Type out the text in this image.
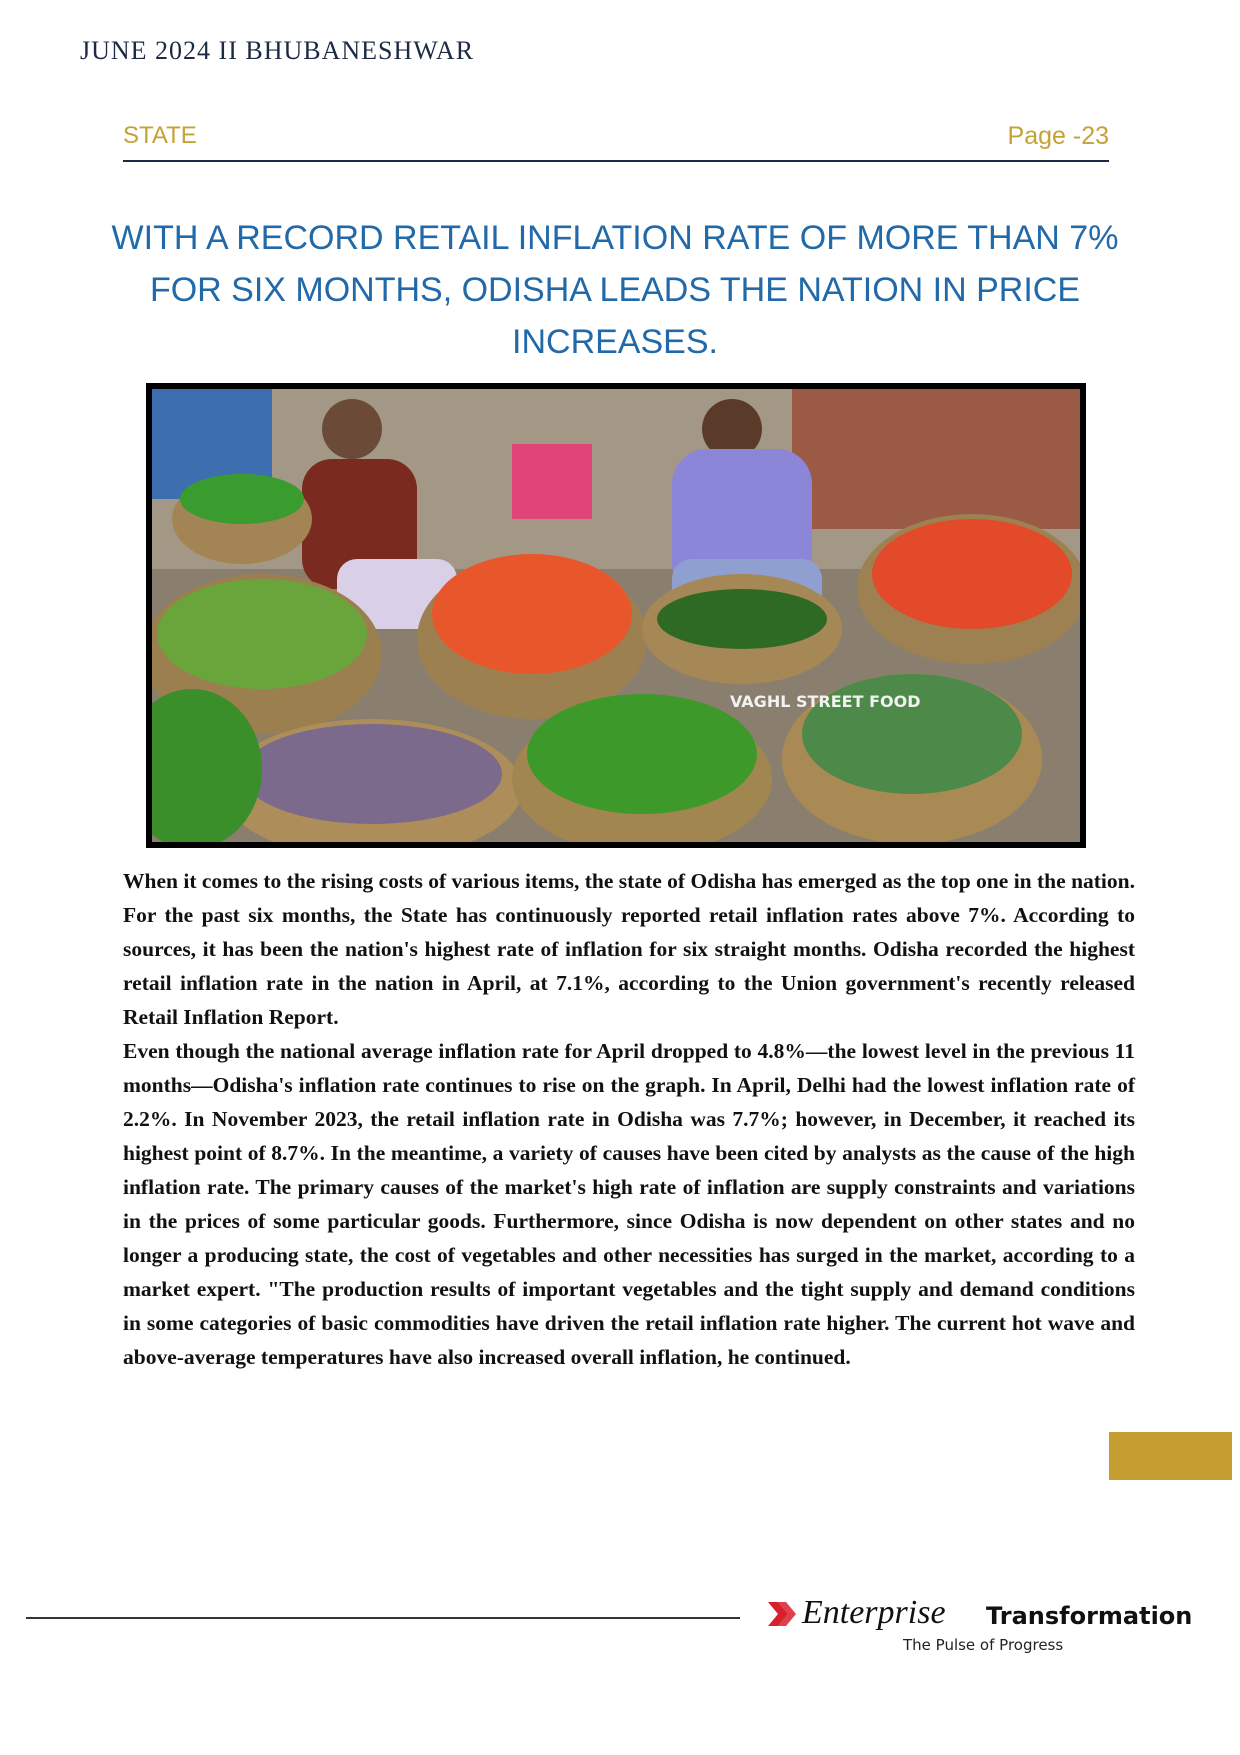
JUNE 2024 II BHUBANESHWAR
STATE	Page -23
WITH A RECORD RETAIL INFLATION RATE OF MORE THAN 7% FOR SIX MONTHS, ODISHA LEADS THE NATION IN PRICE INCREASES.
VAGHL STREET FOOD

When it comes to the rising costs of various items, the state of Odisha has emerged as the top one in the nation. For the past six months, the State has continuously reported retail inflation rates above 7%. According to sources, it has been the nation's highest rate of inflation for six straight months. Odisha recorded the highest retail inflation rate in the nation in April, at 7.1%, according to the Union government's recently released Retail Inflation Report.

Even though the national average inflation rate for April dropped to 4.8%—the lowest level in the previous 11 months—Odisha's inflation rate continues to rise on the graph. In April, Delhi had the lowest inflation rate of 2.2%. In November 2023, the retail inflation rate in Odisha was 7.7%; however, in December, it reached its highest point of 8.7%. In the meantime, a variety of causes have been cited by analysts as the cause of the high inflation rate. The primary causes of the market's high rate of inflation are supply constraints and variations in the prices of some particular goods. Furthermore, since Odisha is now dependent on other states and no longer a producing state, the cost of vegetables and other necessities has surged in the market, according to a market expert. "The production results of important vegetables and the tight supply and demand conditions in some categories of basic commodities have driven the retail inflation rate higher. The current hot wave and above-average temperatures have also increased overall inflation, he continued.

Enterprise Transformation
The Pulse of Progress
